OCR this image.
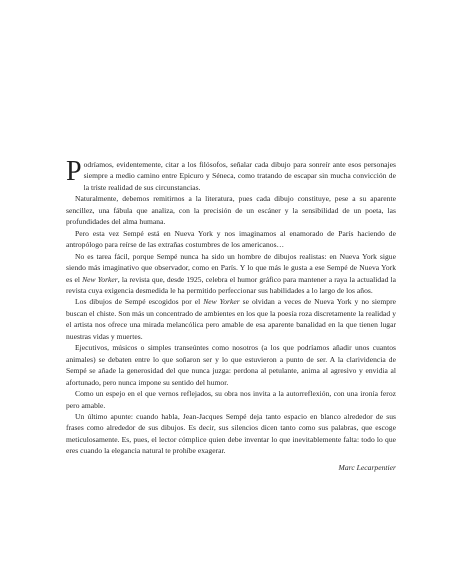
Podríamos, evidentemente, citar a los filósofos, señalar cada dibujo para sonreír ante esos personajes siempre a medio camino entre Epicuro y Séneca, como tratando de escapar sin mucha convicción de la triste realidad de sus circunstancias.

Naturalmente, debemos remitirnos a la literatura, pues cada dibujo constituye, pese a su aparente sencillez, una fábula que analiza, con la precisión de un escáner y la sensibilidad de un poeta, las profundidades del alma humana.

Pero esta vez Sempé está en Nueva York y nos imaginamos al enamorado de París haciendo de antropólogo para reírse de las extrañas costumbres de los americanos…

No es tarea fácil, porque Sempé nunca ha sido un hombre de dibujos realistas: en Nueva York sigue siendo más imaginativo que observador, como en París. Y lo que más le gusta a ese Sempé de Nueva York es el New Yorker, la revista que, desde 1925, celebra el humor gráfico para mantener a raya la actualidad la revista cuya exigencia desmedida le ha permitido perfeccionar sus habilidades a lo largo de los años.

Los dibujos de Sempé escogidos por el New Yorker se olvidan a veces de Nueva York y no siempre buscan el chiste. Son más un concentrado de ambientes en los que la poesía roza discretamente la realidad y el artista nos ofrece una mirada melancólica pero amable de esa aparente banalidad en la que tienen lugar nuestras vidas y muertes.

Ejecutivos, músicos o simples transeúntes como nosotros (a los que podríamos añadir unos cuantos animales) se debaten entre lo que soñaron ser y lo que estuvieron a punto de ser. A la clarividencia de Sempé se añade la generosidad del que nunca juzga: perdona al petulante, anima al agresivo y envidia al afortunado, pero nunca impone su sentido del humor.

Como un espejo en el que vernos reflejados, su obra nos invita a la autorreflexión, con una ironía feroz pero amable.

Un último apunte: cuando habla, Jean-Jacques Sempé deja tanto espacio en blanco alrededor de sus frases como alrededor de sus dibujos. Es decir, sus silencios dicen tanto como sus palabras, que escoge meticulosamente. Es, pues, el lector cómplice quien debe inventar lo que inevitablemente falta: todo lo que eres cuando la elegancia natural te prohíbe exagerar.

Marc Lecarpentier
